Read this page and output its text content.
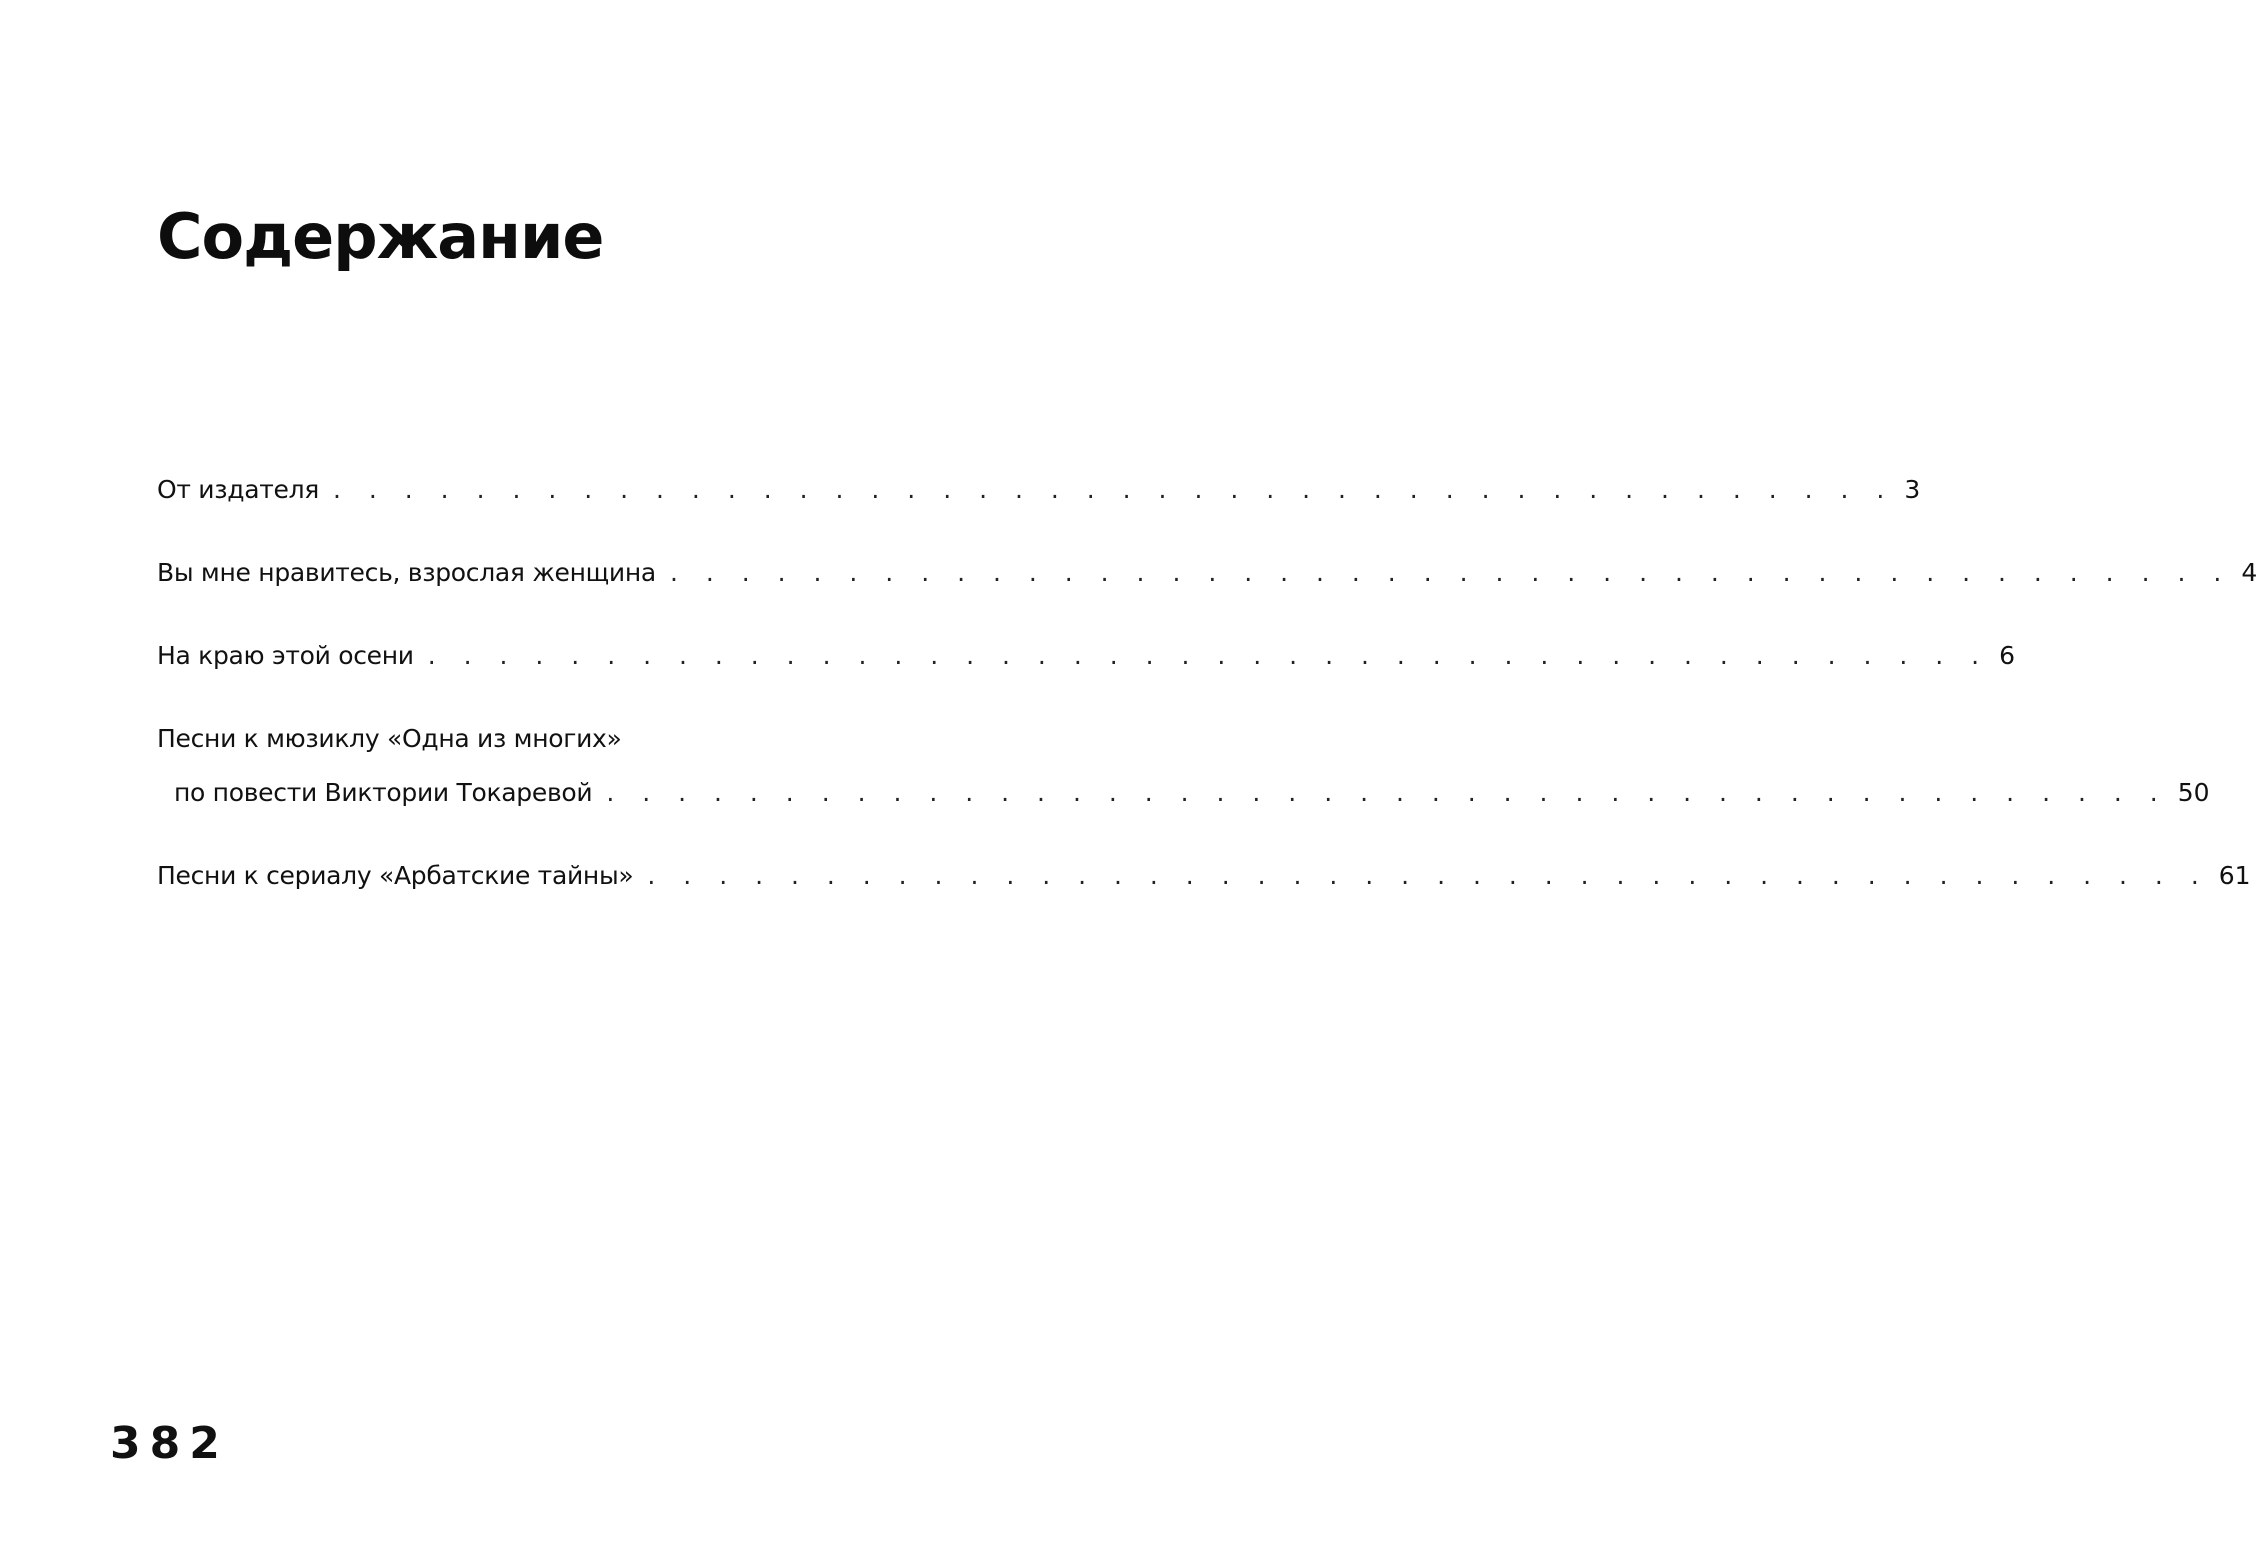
Содержание
От издателя . . . . . . . . . . . . . . . . . . . . . . . . . . . . . . . . . . . . . . . . . . . . 3
Вы мне нравитесь, взрослая женщина . . . . . . . . . . . . . . . . . . . . . . . . . . . . . . . . . . . . . . . . . . . . 4
На краю этой осени . . . . . . . . . . . . . . . . . . . . . . . . . . . . . . . . . . . . . . . . . . . . 6
Песни к мюзиклу «Одна из многих»
по повести Виктории Токаревой . . . . . . . . . . . . . . . . . . . . . . . . . . . . . . . . . . . . . . . . . . . . 50
Песни к сериалу «Арбатские тайны» . . . . . . . . . . . . . . . . . . . . . . . . . . . . . . . . . . . . . . . . . . . . 61
382
